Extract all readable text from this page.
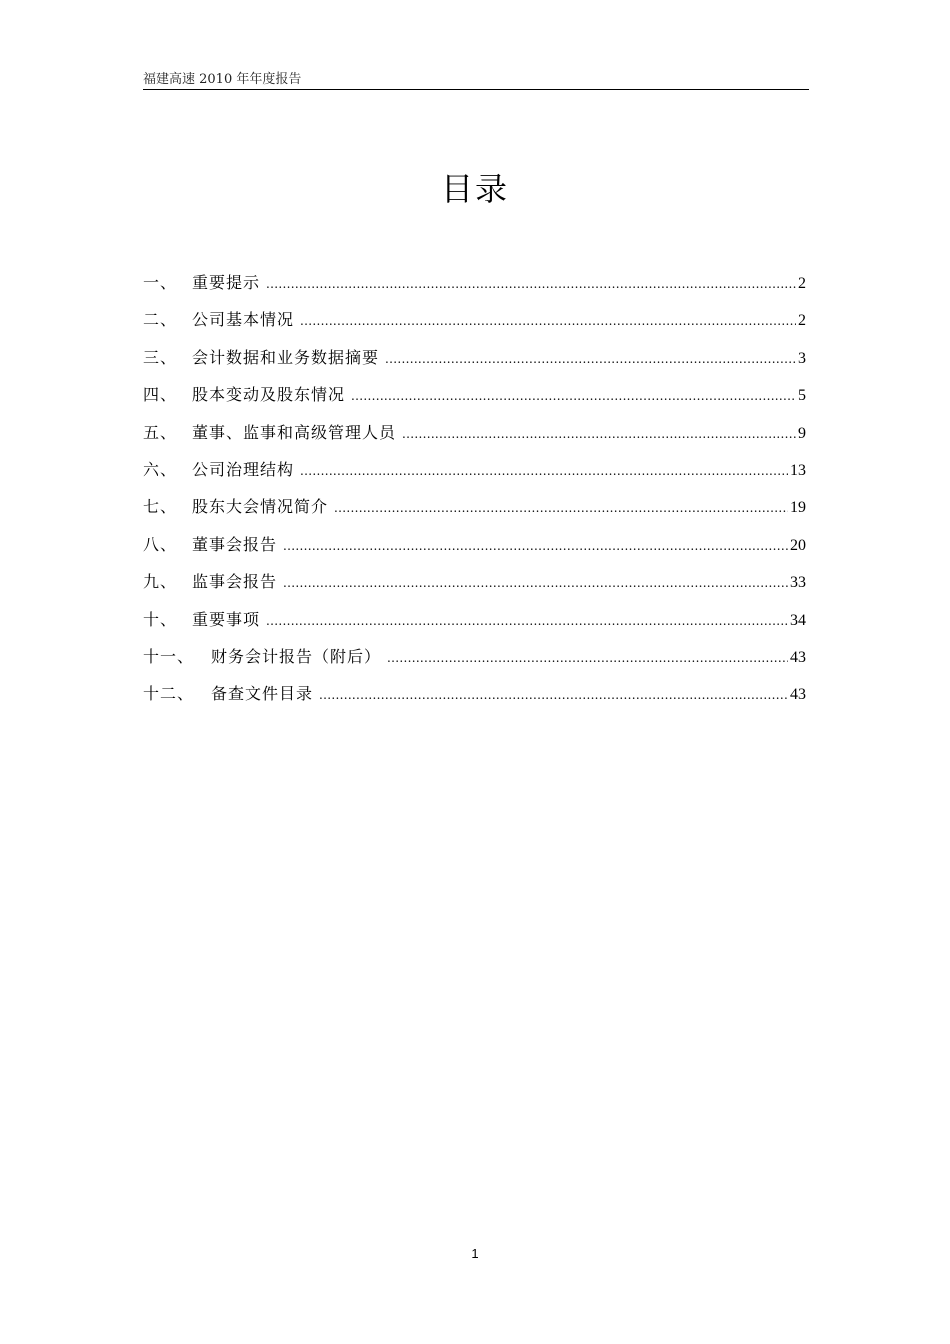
福建高速 2010 年年度报告
目录
一、 重要提示 .....	2
二、 公司基本情况 .....	2
三、 会计数据和业务数据摘要 .....	3
四、 股本变动及股东情况 .....	5
五、 董事、监事和高级管理人员 .....	9
六、 公司治理结构 .....	13
七、 股东大会情况简介 .....	19
八、 董事会报告 .....	20
九、 监事会报告 .....	33
十、 重要事项 .....	34
十一、	财务会计报告（附后） .....	43
十二、	备查文件目录 .....	43
1
